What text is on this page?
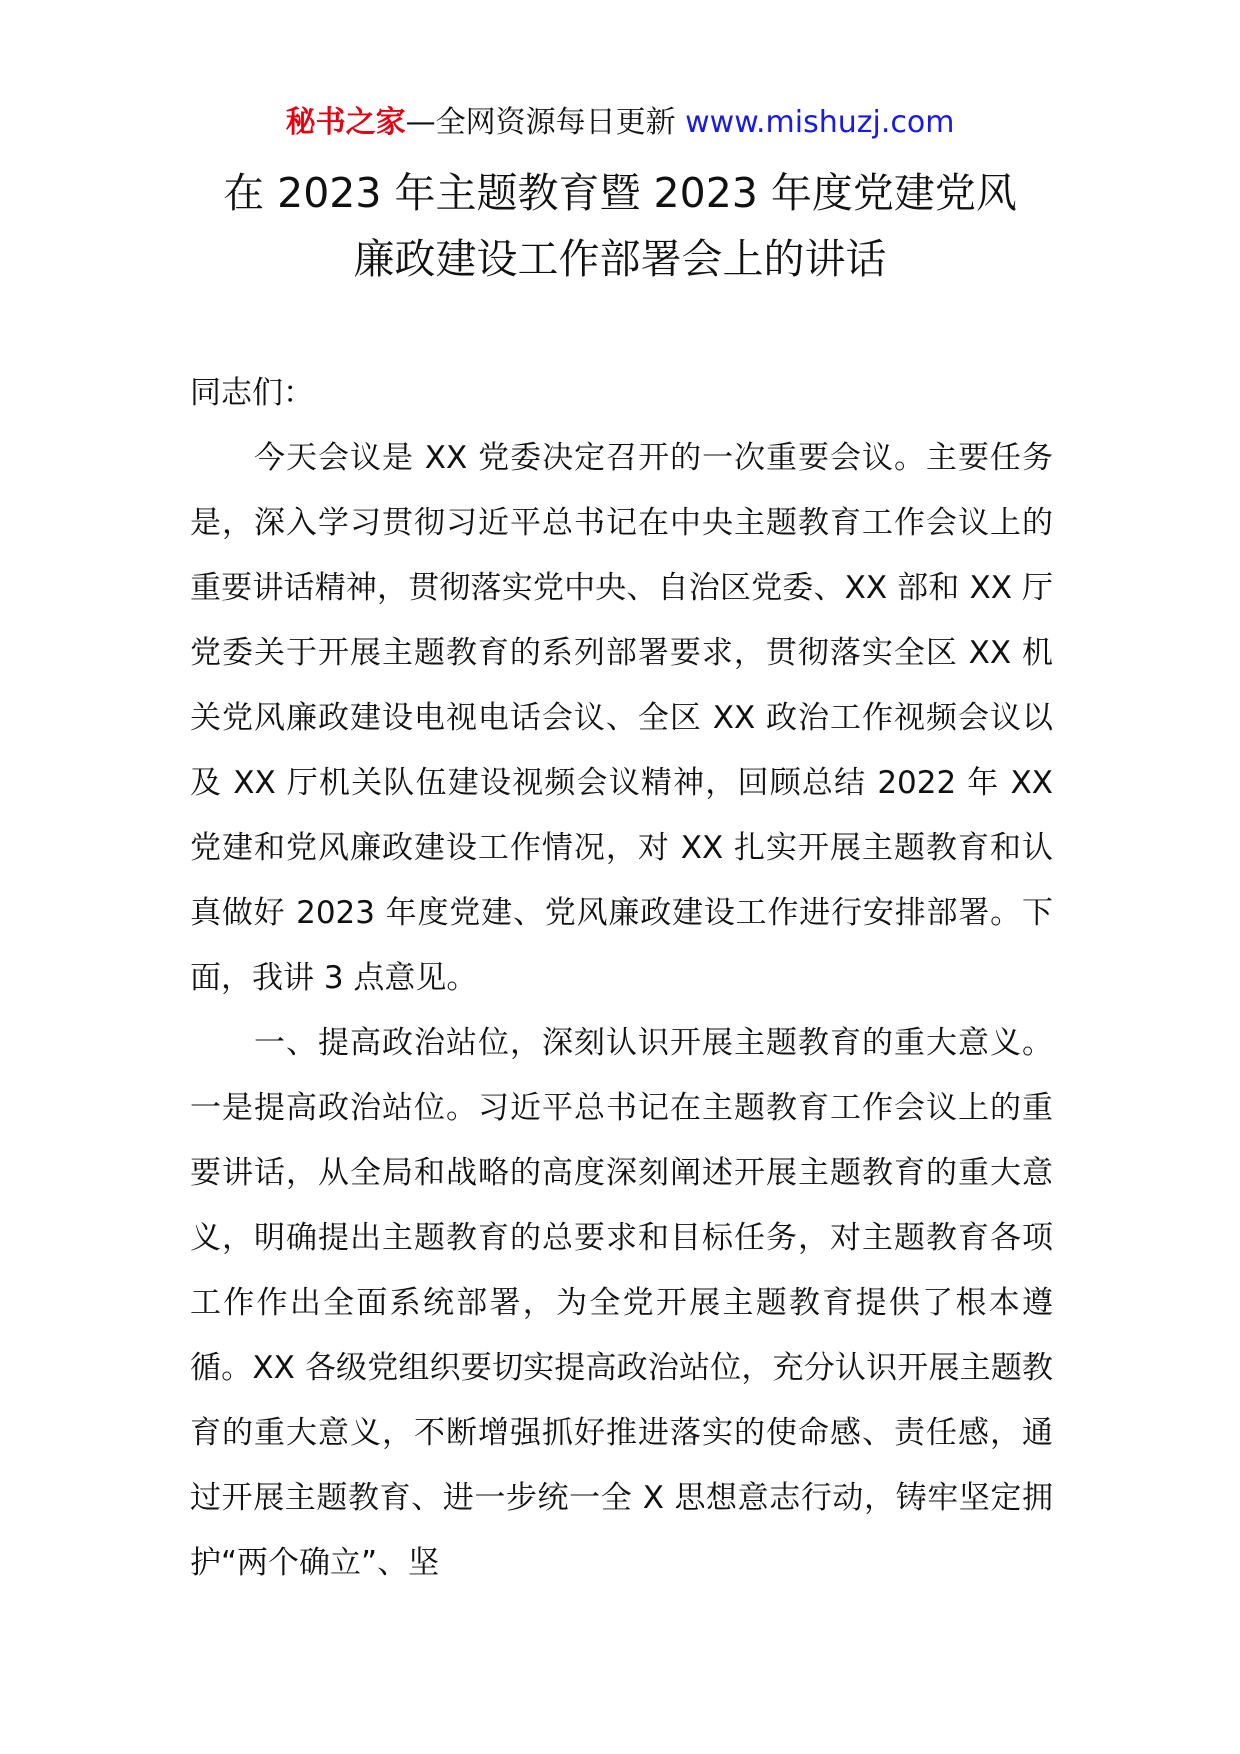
秘书之家—全网资源每日更新 www.mishuzj.com
在 2023 年主题教育暨 2023 年度党建党风
廉政建设工作部署会上的讲话

同志们：

今天会议是 XX 党委决定召开的一次重要会议。主要任务是，深入学习贯彻习近平总书记在中央主题教育工作会议上的重要讲话精神，贯彻落实党中央、自治区党委、XX 部和 XX 厅党委关于开展主题教育的系列部署要求，贯彻落实全区 XX 机关党风廉政建设电视电话会议、全区 XX 政治工作视频会议以及 XX 厅机关队伍建设视频会议精神，回顾总结 2022 年 XX 党建和党风廉政建设工作情况，对 XX 扎实开展主题教育和认真做好 2023 年度党建、党风廉政建设工作进行安排部署。下面，我讲 3 点意见。

一、提高政治站位，深刻认识开展主题教育的重大意义。一是提高政治站位。习近平总书记在主题教育工作会议上的重要讲话，从全局和战略的高度深刻阐述开展主题教育的重大意义，明确提出主题教育的总要求和目标任务，对主题教育各项工作作出全面系统部署，为全党开展主题教育提供了根本遵循。XX 各级党组织要切实提高政治站位，充分认识开展主题教育的重大意义，不断增强抓好推进落实的使命感、责任感，通过开展主题教育、进一步统一全 X 思想意志行动，铸牢坚定拥护“两个确立”、坚
